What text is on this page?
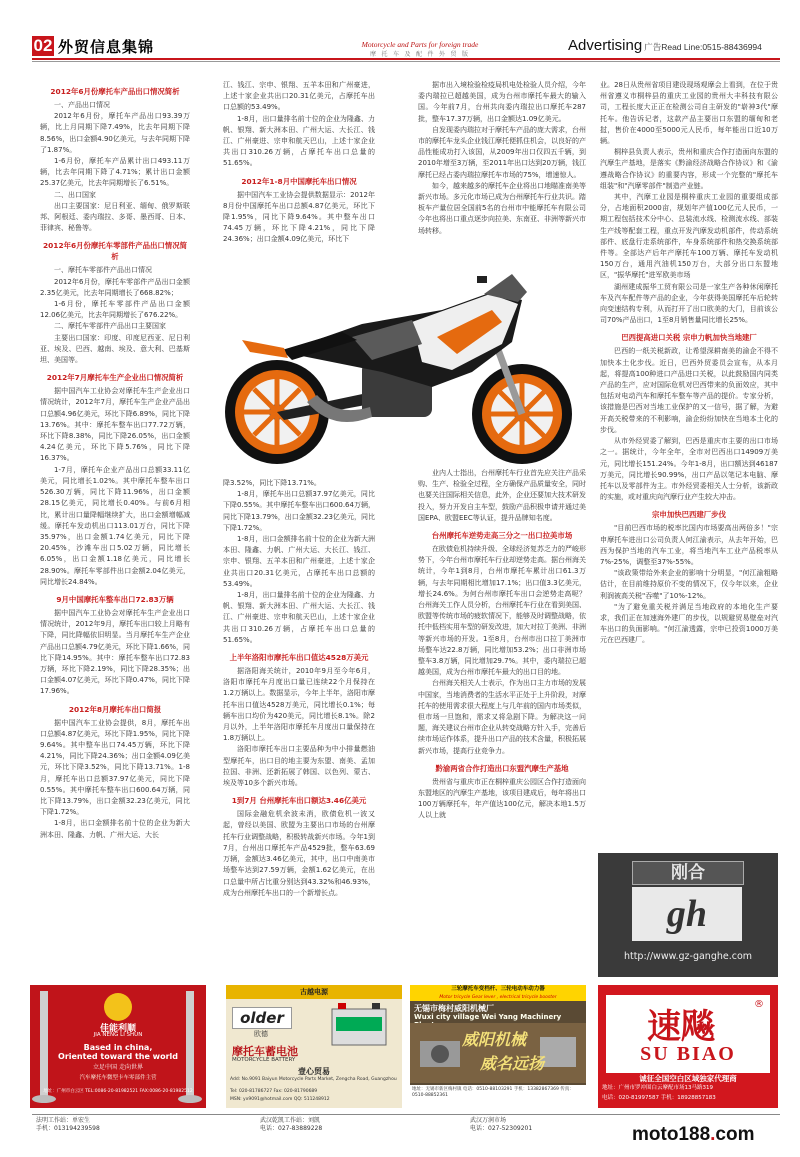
02 外贸信息集锦	Motorcycle and Parts for foreign trade
摩 托 车 及 配 件 外 贸 版
Advertising 广告Read Line:0515-88436994
2012年6月份摩托车产品出口情况简析

一、产品出口情况

2012年6月份，摩托车产品出口93.39万辆，比上月同期下降7.49%，比去年同期下降8.56%，出口金额4.90亿美元，与去年同期下降了1.87%。

1-6月份，摩托车产品累计出口493.11万辆，比去年同期下降了4.71%；累计出口金额25.37亿美元，比去年同期增长了6.51%。

二、出口国家

出口主要国家：尼日利亚、缅甸、俄罗斯联邦、阿根廷、委内瑞拉、多哥、墨西哥、日本、菲律宾、秘鲁等。

2012年6月份摩托车零部件产品出口情况简析

一、摩托车零部件产品出口情况

2012年6月份，摩托车零部件产品出口金额2.35亿美元，比去年同期增长了668.82%；

1-6月份，摩托车零部件产品出口金额12.06亿美元，比去年同期增长了676.22%。

二、摩托车零部件产品出口主要国家

主要出口国家：印度、印度尼西亚、尼日利亚、埃及、巴西、越南、埃及、意大利、巴基斯坦、美国等。

2012年7月摩托车生产企业出口情况简析

据中国汽车工业协会对摩托车生产企业出口情况统计，2012年7月，摩托车生产企业产品出口总额4.96亿美元，环比下降6.89%，同比下降13.76%。其中：摩托车整车出口77.72万辆，环比下降8.38%，同比下降26.05%，出口金额4.24亿美元，环比下降5.76%，同比下降16.37%。

1-7月，摩托车企业产品出口总额33.11亿美元，同比增长1.02%。其中摩托车整车出口526.30万辆，同比下降11.96%，出口金额28.15亿美元，同比增长0.40%。与前6月相比，累计出口量降幅继续扩大，出口金额增幅减缓。摩托车发动机出口113.01万台，同比下降35.97%，出口金额1.74亿美元，同比下降20.45%，沙滩车出口5.02万辆，同比增长6.05%，出口金额1.18亿美元，同比增长28.90%。摩托车零部件出口金额2.04亿美元，同比增长24.84%。

9月中国摩托车整车出口72.83万辆

据中国汽车工业协会对摩托车生产企业出口情况统计，2012年9月，摩托车出口较上月略有下降，同比降幅依旧明显。当月摩托车生产企业产品出口总额4.79亿美元，环比下降1.66%，同比下降14.95%。其中：摩托车整车出口72.83万辆，环比下降2.19%，同比下降28.35%；出口金额4.07亿美元，环比下降0.47%，同比下降17.96%。

2012年8月摩托车出口简报

据中国汽车工业协会提供，8月，摩托车出口总额4.87亿美元，环比下降1.95%，同比下降9.64%。其中整车出口74.45万辆，环比下降4.21%，同比下降24.36%；出口金额4.09亿美元，环比下降3.52%，同比下降13.71%。1-8月，摩托车出口总额37.97亿美元，同比下降0.55%。其中摩托车整车出口600.64万辆，同比下降13.79%，出口金额32.23亿美元，同比下降1.72%。

1-8月，出口金额排名前十位的企业为新大洲本田、隆鑫、力帆、广州大运、大长

江、钱江、宗申、银翔、五羊本田和广州豪进，上述十家企业共出口20.31亿美元，占摩托车出口总额的53.49%。

1-8月，出口量排名前十位的企业为隆鑫、力帆、银翔、新大洲本田、广州大运、大长江、钱江、广州豪进、宗申和航天巴山，上述十家企业共出口310.26万辆，占摩托车出口总量的51.65%。

2012年1-8月中国摩托车出口情况

据中国汽车工业协会提供数据显示：2012年8月份中国摩托车出口总额4.87亿美元，环比下降1.95%，同比下降9.64%。其中整车出口74.45万辆，环比下降4.21%，同比下降24.36%；出口金额4.09亿美元，环比下

降3.52%，同比下降13.71%。

1-8月，摩托车出口总额37.97亿美元，同比下降0.55%。其中摩托车整车出口600.64万辆，同比下降13.79%，出口金额32.23亿美元，同比下降1.72%。

1-8月，出口金额排名前十位的企业为新大洲本田、隆鑫、力帆、广州大运、大长江、钱江、宗申、银翔、五羊本田和广州豪进，上述十家企业共出口20.31亿美元，占摩托车出口总额的53.49%。

1-8月，出口量排名前十位的企业为隆鑫、力帆、银翔、新大洲本田、广州大运、大长江、钱江、广州豪进、宗申和航天巴山，上述十家企业共出口310.26万辆，占摩托车出口总量的51.65%。

上半年洛阳市摩托车出口值达4528万美元

据洛阳海关统计，2010年9月至今年6月，洛阳市摩托车月度出口量已连续22个月保持在1.2万辆以上。数据显示，今年上半年，洛阳市摩托车出口值达4528万美元，同比增长0.1%；每辆车出口均价为420美元，同比增长8.1%。除2月以外，上半年洛阳市摩托车月度出口量保持在1.8万辆以上。

洛阳市摩托车出口主要品种为中小排量燃油型摩托车，出口目的地主要为东盟、南美、孟加拉国、非洲、还新拓展了韩国、以色列、蒙古、埃及等10多个新兴市场。

1到7月 台州摩托车出口额达3.46亿美元

国际金融危机余波未消，欧债危机一波又起，曾经以美国、欧盟为主要出口市场的台州摩托车行业调整战略，积极转战新兴市场。今年1到7月，台州出口摩托车产品4529批，整车63.69万辆，金额达3.46亿美元，其中，出口中南美市场整车达到27.59万辆，金额1.62亿美元，在出口总量中所占比重分别达到43.32%和46.93%，成为台州摩托车出口的一个新增长点。

据市出入境检验检疫局机电处检验人员介绍，今年委内瑞拉已超越美国，成为台州市摩托车最大的输入国。今年前7月，台州共向委内瑞拉出口摩托车287批，整车17.37万辆，出口金额达1.09亿美元。

自发现委内瑞拉对于摩托车产品的庞大需求，台州市的摩托车龙头企业钱江摩托便抓住机会，以良好的产品性能成功打入该国，从2009年出口仅四五千辆，到2010年增至3万辆，至2011年出口达到20万辆，钱江摩托已经占委内瑞拉摩托车市场的75%，增速惊人。

如今，越来越多的摩托车企业将出口地瞄准南美等新兴市场。多元化市场已成为台州摩托车行业共识。踏板车产量位居全国前5名的台州市中能摩托车有限公司今年也将出口重点逐步向拉美、东南亚、非洲等新兴市场转移。

业内人士指出，台州摩托车行业首先应关注产品采购、生产、检验全过程，全方确保产品质量安全，同时也要关注国际相关信息，此外，企业还要加大技术研发投入，努力开发自主车型，鼓励产品积极申请并通过美国EPA、欧盟EEC等认证，提升品牌知名度。

台州摩托车逆势走高三分之一出口拉美市场

在欧债危机持续升级、全球经济复苏乏力的严峻形势下，今年台州市摩托车行业却逆势走高。据台州海关统计，今年1到8月，台州市摩托车累计出口61.3万辆，与去年同期相比增加17.1%；出口值3.3亿美元，增长24.6%。为何台州市摩托车出口会逆势走高呢？台州海关工作人员分析，台州摩托车行业在看到美国、欧盟等传统市场的疲软情况下，能够及时调整战略，依托中低档实用车型的研发改进，加大对拉丁美洲、非洲等新兴市场的开发。1至8月，台州市出口拉丁美洲市场整车达22.8万辆，同比增加53.2%；出口非洲市场整车3.8万辆，同比增加29.7%。其中，委内瑞拉已超越美国，成为台州市摩托车最大的出口目的地。

台州海关相关人士表示，作为出口主力市场的发展中国家，当地消费者的生活水平正处于上升阶段，对摩托车的使用需求很大程度上与几年前的国内市场类似，但市场一旦饱和，需求又将急剧下降。为解决这一问题，海关建议台州市企业从转变战略方针入手，完善后续市场运作体系，提升出口产品的技术含量，积极拓展新兴市场，提高行业竞争力。

黔渝两省合作打造出口东盟汽摩生产基地

贵州省与重庆市正在桐梓重庆公园区合作打造面向东盟地区的汽摩生产基地，该项目建成后，每年将出口100万辆摩托车，年产值达100亿元，解决本地1.5万人以上就

业。28日从贵州省项目建设现场观摩会上看到，在位于贵州省遵义市桐梓县的重庆工业园的贵州大丰科技有限公司，工程长度大正正在检测公司自主研发的"崭神3代"摩托车。他告诉记者，这款产品主要出口东盟的缅甸和老挝，售价在4000至5000元人民币，每年能出口近10万辆。

桐梓县负责人表示，贵州和重庆合作打造面向东盟的汽摩生产基地，是落实《黔渝经济战略合作协议》和《渝遵战略合作协议》的重要内容，形成一个完整的"摩托车组装"和"汽摩零部件"制造产业链。

其中，汽摩工业园是桐梓重庆工业园的重要组成部分，占地面积2000亩，规划年产值100亿元人民币，一期工程包括技术分中心、总装流水线、检测流水线、部装生产线等配套工程，重点开发汽摩发动机部件，传动系统部件、底盘行走系统部件，车身系统部件和热交换系统部件等。全部达产后年产摩托车100万辆、摩托车发动机150万台，通用汽油机150万台，大部分出口东盟地区，"振华摩托"进军欧美市场

湖州建成振华工贸有限公司是一家生产各种休闲摩托车及汽车配件等产品的企业，今年获得美国摩托车后轮转向变速结构专利，从而打开了出口欧美的大门，目前该公司70%产品出口，1至8月销售量同比增长25%。

巴西提高进口关税 宗申力帆加快当地建厂

巴西的一纸关税新政，让希望深耕南美的渝企不得不加快本土化步伐。近日，巴西外贸委员会宣布，从本月起，将提高100种进口产品进口关税，以此鼓励国内同类产品的生产，应对国际危机对巴西带来的负面效应，其中包括对电动汽车和摩托车整车等产品的提价。专家分析，该措施是巴西对当地工业保护的又一信号，据了解，为避开高关税带来的不利影响，渝企纷纷加快在当地本土化的步伐。

从市外经贸委了解到，巴西是重庆市主要的出口市场之一。据统计，今年全年，全市对巴西出口14909万美元，同比增长151.24%。今年1-8月，出口额达到46187万美元，同比增长90.99%，出口产品以笔记本电脑、摩托车以及零部件为主。市外经贸委相关人士分析，该新政的实施，或对重庆向汽摩行业产生较大冲击。

宗申加快巴西建厂步伐

"目前巴西市场的税率比国内市场要高出两倍多！"宗申摩托车进出口公司负责人何江渝表示，从去年开始，巴西为保护当地的汽车工业，将当地汽车工业产品税率从7%-25%，调整至37%-55%。

"该政策带给外来企业的影响十分明显，"何江渝粗略估计，在目前维持原价不变的情况下，仅今年以来，企业利润被高关税"吞噬"了10%-12%。

"为了避免重关税并满足当地政府的本地化生产要求，我们正在加速海外建厂的步伐，以规避贸易壁垒对汽车出口的负面影响。"何江渝透露，宗申已投资1000万美元在巴西建厂。

刚合
gh
http://www.gz-ganghe.com
佳能利顺
JIA NENG LI SHUN
Based in china,
Oriented toward the world
立足中国 走向世界
汽车摩托车微型卡车零部件主营
地址：广州市白云区 TEL:0086-20-81982521 FAX:0086-20-81982512
古越电源
older
欧德
摩托车蓄电池
MOTORCYCLE BATTERY
壹心贸易
Add: No.9091 Baiyun Motorcycle Parts Market, Zengcha Road, Guangzhou
Tel: 020-81786727 Fax: 020-81790689
MSN: yx9091@hotmail.com QQ: 511248912
三轮摩托车变档杆、三轮电动车动力器
Motor tricycle Gear lever , electrical tricycle booster
无锡市梅村威阳机械厂
Wuxi city village Wei Yang Machinery
威阳机械
威名远扬
地址：无锡市新区梅村镇 电话：0510-88103291 手机：13382867369 传真：0510-88852361
速飚
®
SU BIAO
诚征全国空白区域独家代理商
地址：广州市罗冲围白云摩配市场13马路319
电话：020-81997587 手机：18928857183
法明工作站：单宏生
手机：013194239598
武汉乾凯工作站：刘凯
电话：027-83889228
武汉万润市场
电话：027-52309201	moto188.com
